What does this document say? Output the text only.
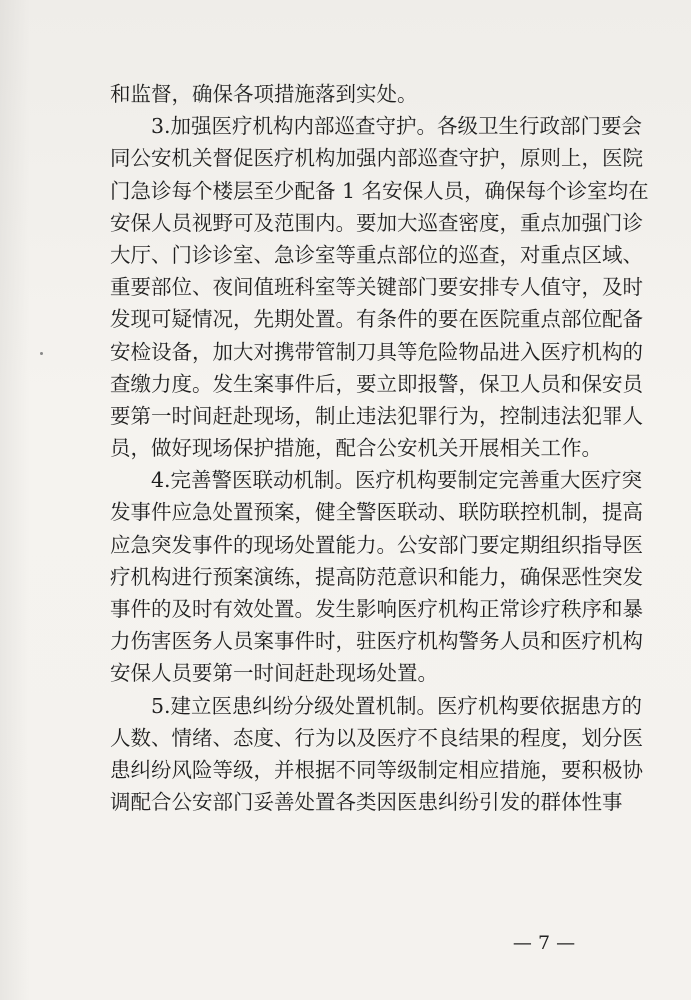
和监督，确保各项措施落到实处。
3.加强医疗机构内部巡查守护。各级卫生行政部门要会
同公安机关督促医疗机构加强内部巡查守护，原则上，医院
门急诊每个楼层至少配备 1 名安保人员，确保每个诊室均在
安保人员视野可及范围内。要加大巡查密度，重点加强门诊
大厅、门诊诊室、急诊室等重点部位的巡查，对重点区域、
重要部位、夜间值班科室等关键部门要安排专人值守，及时
发现可疑情况，先期处置。有条件的要在医院重点部位配备
安检设备，加大对携带管制刀具等危险物品进入医疗机构的
查缴力度。发生案事件后，要立即报警，保卫人员和保安员
要第一时间赶赴现场，制止违法犯罪行为，控制违法犯罪人
员，做好现场保护措施，配合公安机关开展相关工作。
4.完善警医联动机制。医疗机构要制定完善重大医疗突
发事件应急处置预案，健全警医联动、联防联控机制，提高
应急突发事件的现场处置能力。公安部门要定期组织指导医
疗机构进行预案演练，提高防范意识和能力，确保恶性突发
事件的及时有效处置。发生影响医疗机构正常诊疗秩序和暴
力伤害医务人员案事件时，驻医疗机构警务人员和医疗机构
安保人员要第一时间赶赴现场处置。
5.建立医患纠纷分级处置机制。医疗机构要依据患方的
人数、情绪、态度、行为以及医疗不良结果的程度，划分医
患纠纷风险等级，并根据不同等级制定相应措施，要积极协
调配合公安部门妥善处置各类因医患纠纷引发的群体性事
— 7 —
